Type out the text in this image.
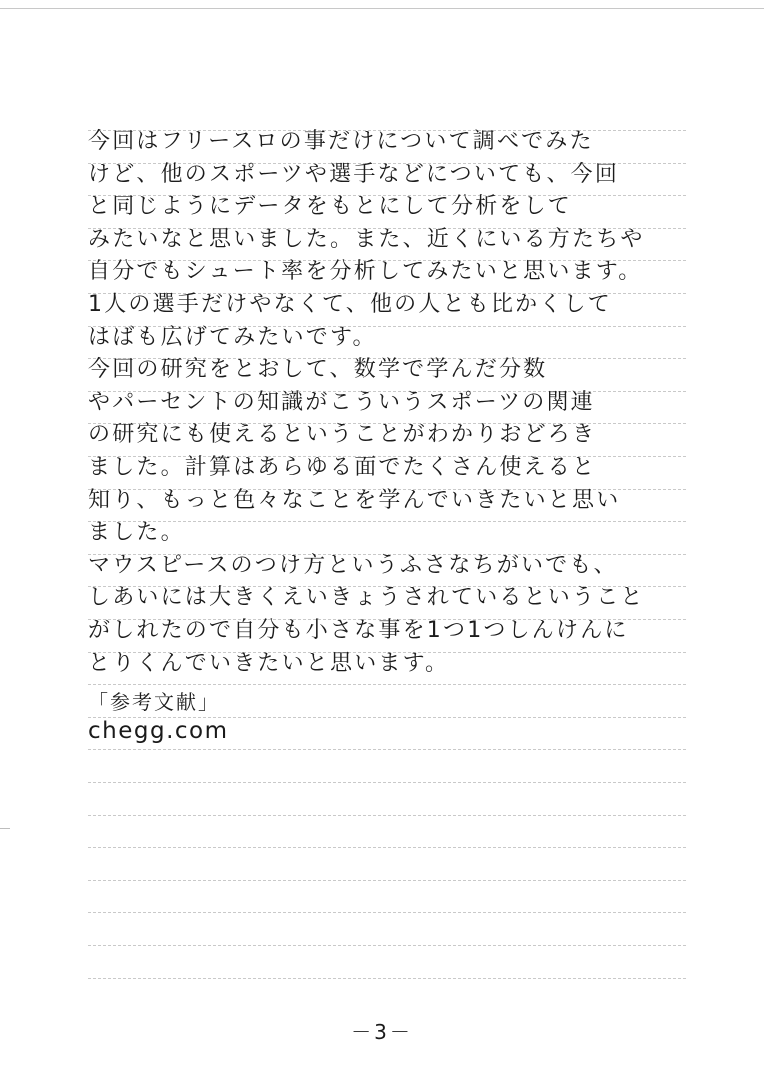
今回はフリースロの事だけについて調べでみた
けど、他のスポーツや選手などについても、今回
と同じようにデータをもとにして分析をして
みたいなと思いました。また、近くにいる方たちや
自分でもシュート率を分析してみたいと思います。
1人の選手だけやなくて、他の人とも比かくして
はばも広げてみたいです。
今回の研究をとおして、数学で学んだ分数
やパーセントの知識がこういうスポーツの関連
の研究にも使えるということがわかりおどろき
ました。計算はあらゆる面でたくさん使えると
知り、もっと色々なことを学んでいきたいと思い
ました。
マウスピースのつけ方というふさなちがいでも、
しあいには大きくえいきょうされているということ
がしれたので自分も小さな事を1つ1つしんけんに
とりくんでいきたいと思います。
「参考文献」
chegg.com
－3－
